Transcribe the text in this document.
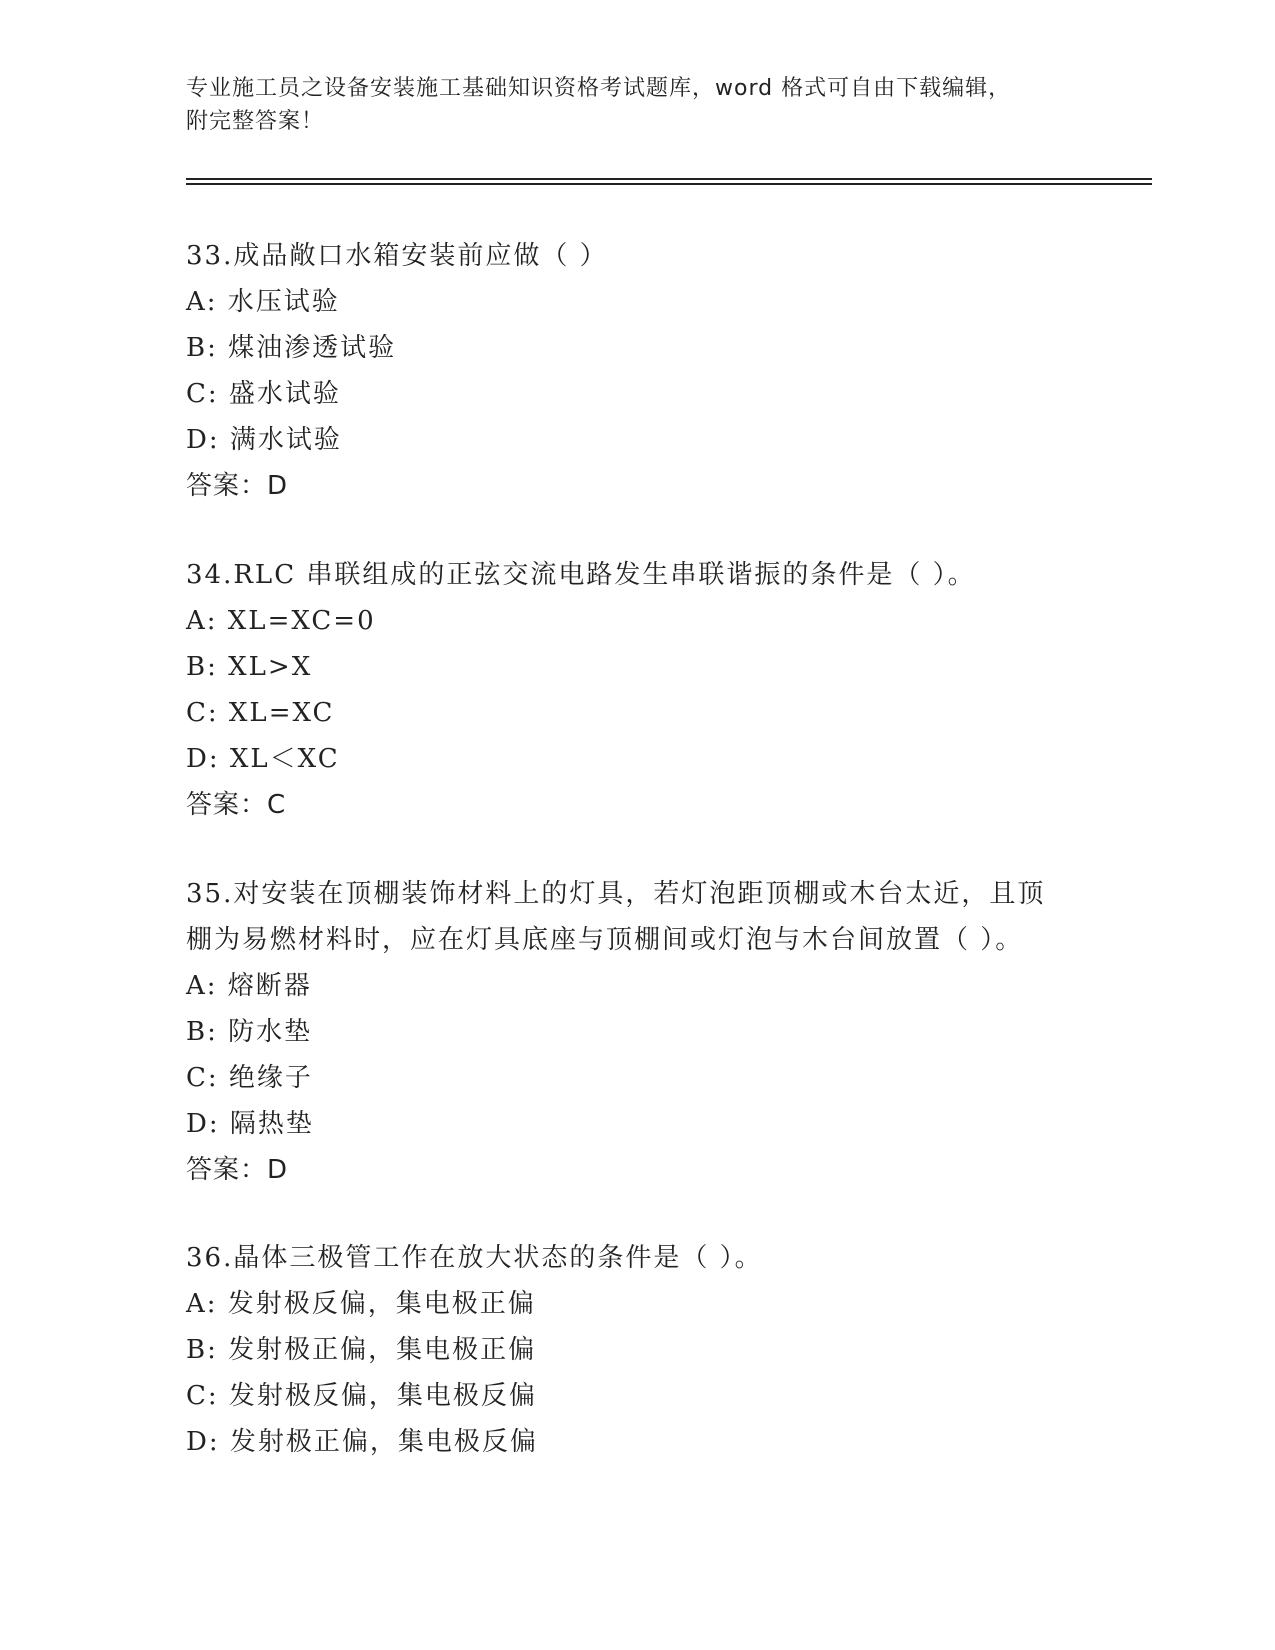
专业施工员之设备安装施工基础知识资格考试题库，word 格式可自由下载编辑，
附完整答案！

33.成品敞口水箱安装前应做（ ）

A: 水压试验

B: 煤油渗透试验

C: 盛水试验

D: 满水试验

答案：D

34.RLC 串联组成的正弦交流电路发生串联谐振的条件是（ ）。

A: XL=XC=0

B: XL>X

C: XL=XC

D: XL＜XC

答案：C

35.对安装在顶棚装饰材料上的灯具，若灯泡距顶棚或木台太近，且顶

棚为易燃材料时，应在灯具底座与顶棚间或灯泡与木台间放置（ ）。

A: 熔断器

B: 防水垫

C: 绝缘子

D: 隔热垫

答案：D

36.晶体三极管工作在放大状态的条件是（ ）。

A: 发射极反偏，集电极正偏

B: 发射极正偏，集电极正偏

C: 发射极反偏，集电极反偏

D: 发射极正偏，集电极反偏
